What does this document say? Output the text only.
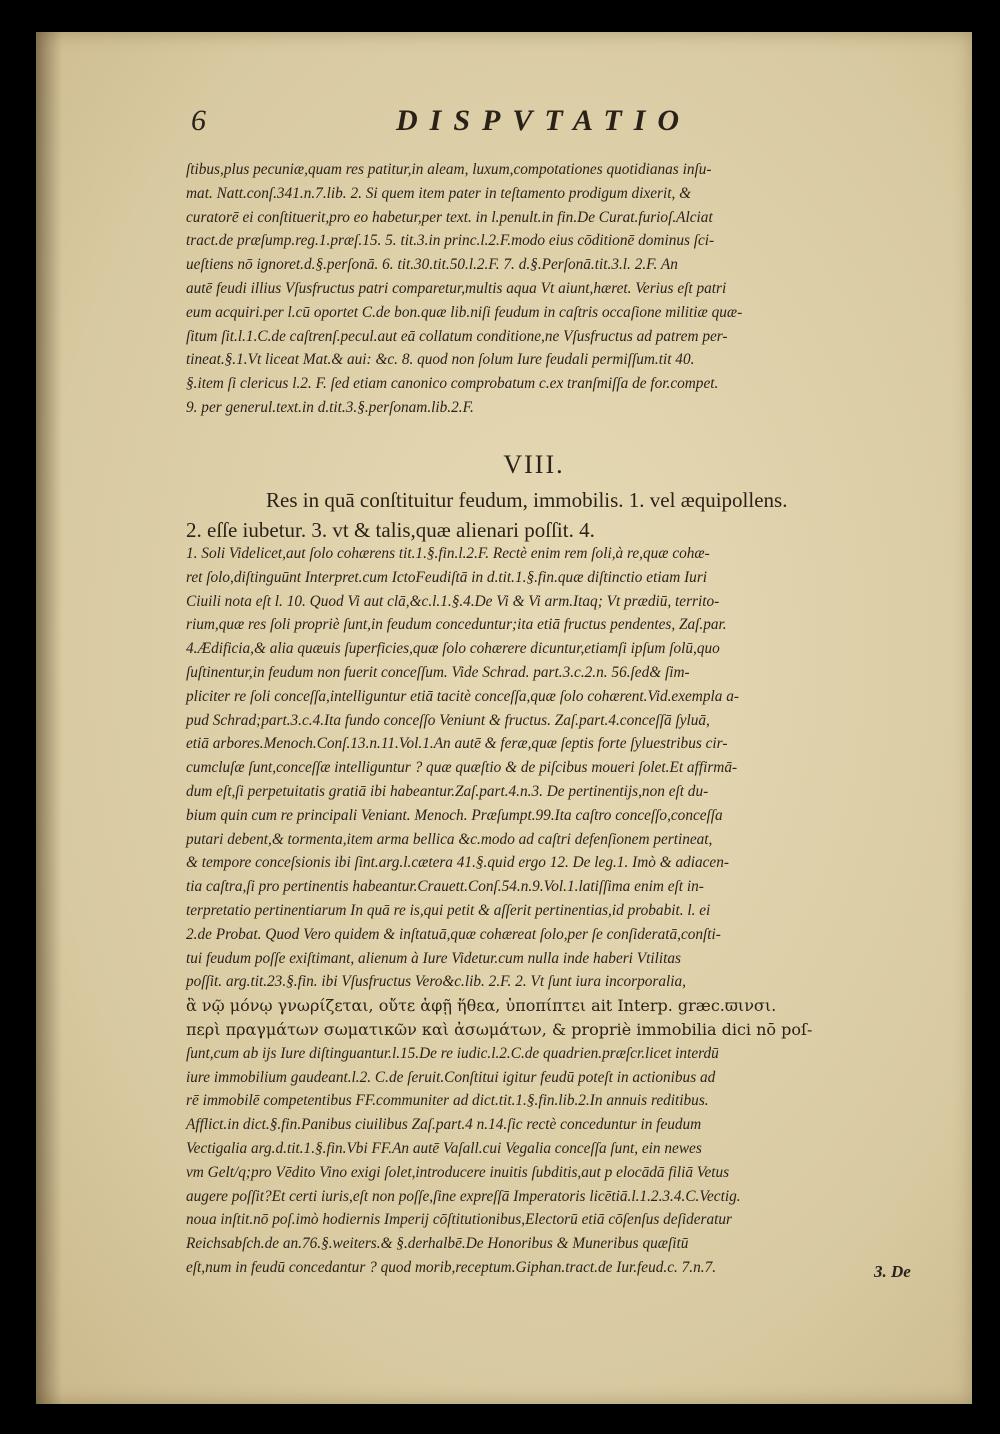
6	DISPVTATIO
ſtibus,plus pecuniæ,quam res patitur,in aleam, luxum,compotationes quotidianas inſu-
mat. Natt.conſ.341.n.7.lib. 2. Si quem item pater in teſtamento prodigum dixerit, &
curatorē ei conſtituerit,pro eo habetur,per text. in l.penult.in fin.De Curat.furioſ.Alciat
tract.de præſump.reg.1.præſ.15. 5. tit.3.in princ.l.2.F.modo eius cōditionē dominus ſci-
ueſtiens nō ignoret.d.§.perſonā. 6. tit.30.tit.50.l.2.F. 7. d.§.Perſonā.tit.3.l. 2.F. An
autē feudi illius Vſusfructus patri comparetur,multis aqua Vt aiunt,hæret. Verius eſt patri
eum acquiri.per l.cū oportet C.de bon.quæ lib.niſi feudum in caſtris occaſione militiæ quæ-
ſitum ſit.l.1.C.de caſtrenſ.pecul.aut eā collatum conditione,ne Vſusfructus ad patrem per-
tineat.§.1.Vt liceat Mat.& aui: &c. 8. quod non ſolum Iure feudali permiſſum.tit 40.
§.item ſi clericus l.2. F. ſed etiam canonico comprobatum c.ex tranſmiſſa de for.compet.
9. per generul.text.in d.tit.3.§.perſonam.lib.2.F.
VIII.
Res in quā conſtituitur feudum, immobilis. 1. vel æquipollens.
2. eſſe iubetur. 3. vt & talis,quæ alienari poſſit. 4.
1. Soli Videlicet,aut ſolo cohærens tit.1.§.fin.l.2.F. Rectè enim rem ſoli,à re,quæ cohæ-
ret ſolo,diſtinguūnt Interpret.cum IctoFeudiſtā in d.tit.1.§.fin.quæ diſtinctio etiam Iuri
Ciuili nota eſt l. 10. Quod Vi aut clā,&c.l.1.§.4.De Vi & Vi arm.Itaq; Vt prædiū, territo-
rium,quæ res ſoli propriè ſunt,in feudum conceduntur;ita etiā fructus pendentes, Zaſ.par.
4.Ædificia,& alia quæuis ſuperficies,quæ ſolo cohærere dicuntur,etiamſi ipſum ſolū,quo
ſuſtinentur,in feudum non fuerit conceſſum. Vide Schrad. part.3.c.2.n. 56.ſed& ſim-
pliciter re ſoli conceſſa,intelliguntur etiā tacitè conceſſa,quæ ſolo cohærent.Vid.exempla a-
pud Schrad;part.3.c.4.Ita fundo conceſſo Veniunt & fructus. Zaſ.part.4.conceſſā ſyluā,
etiā arbores.Menoch.Conſ.13.n.11.Vol.1.An autē & feræ,quæ ſeptis forte ſyluestribus cir-
cumcluſæ ſunt,conceſſæ intelliguntur ? quæ quæſtio & de piſcibus moueri ſolet.Et affirmā-
dum eſt,ſi perpetuitatis gratiā ibi habeantur.Zaſ.part.4.n.3. De pertinentijs,non eſt du-
bium quin cum re principali Veniant. Menoch. Præſumpt.99.Ita caſtro conceſſo,conceſſa
putari debent,& tormenta,item arma bellica &c.modo ad caſtri defenſionem pertineat,
& tempore conceſsionis ibi ſint.arg.l.cætera 41.§.quid ergo 12. De leg.1. Imò & adiacen-
tia caſtra,ſi pro pertinentis habeantur.Crauett.Conſ.54.n.9.Vol.1.latiſſima enim eſt in-
terpretatio pertinentiarum In quā re is,qui petit & aſſerit pertinentias,id probabit. l. ei
2.de Probat. Quod Vero quidem & inſtatuā,quæ cohæreat ſolo,per ſe conſideratā,conſti-
tui feudum poſſe exiſtimant, alienum à Iure Videtur.cum nulla inde haberi Vtilitas
poſſit. arg.tit.23.§.fin. ibi Vſusfructus Vero&c.lib. 2.F. 2. Vt ſunt iura incorporalia,
ἃ νῷ μόνῳ γνωρίζεται, οὔτε ἁφῇ ἥθεα, ὑποπίπτει ait Interp. græc.ϖινσι.
περὶ πραγμάτων σωματικῶν καὶ ἀσωμάτων, & propriè immobilia dici nō poſ-
ſunt,cum ab ijs Iure diſtinguantur.l.15.De re iudic.l.2.C.de quadrien.præſcr.licet interdū
iure immobilium gaudeant.l.2. C.de ſeruit.Conſtitui igitur feudū poteſt in actionibus ad
rē immobilē competentibus FF.communiter ad dict.tit.1.§.fin.lib.2.In annuis reditibus.
Afflict.in dict.§.fin.Panibus ciuilibus Zaſ.part.4 n.14.ſic rectè conceduntur in feudum
Vectigalia arg.d.tit.1.§.fin.Vbi FF.An autē Vaſall.cui Vegalia conceſſa ſunt, ein newes
vm Gelt/q;pro Vēdito Vino exigi ſolet,introducere inuitis ſubditis,aut p elocādā filiā Vetus
augere poſſit?Et certi iuris,eſt non poſſe,ſine expreſſā Imperatoris licētiā.l.1.2.3.4.C.Vectig.
noua inſtit.nō poſ.imò hodiernis Imperij cōſtitutionibus,Electorū etiā cōſenſus deſideratur
Reichsabſch.de an.76.§.weiters.& §.derhalbē.De Honoribus & Muneribus quæſitū
eſt,num in feudū concedantur ? quod morib,receptum.Giphan.tract.de Iur.feud.c. 7.n.7.	3. De
